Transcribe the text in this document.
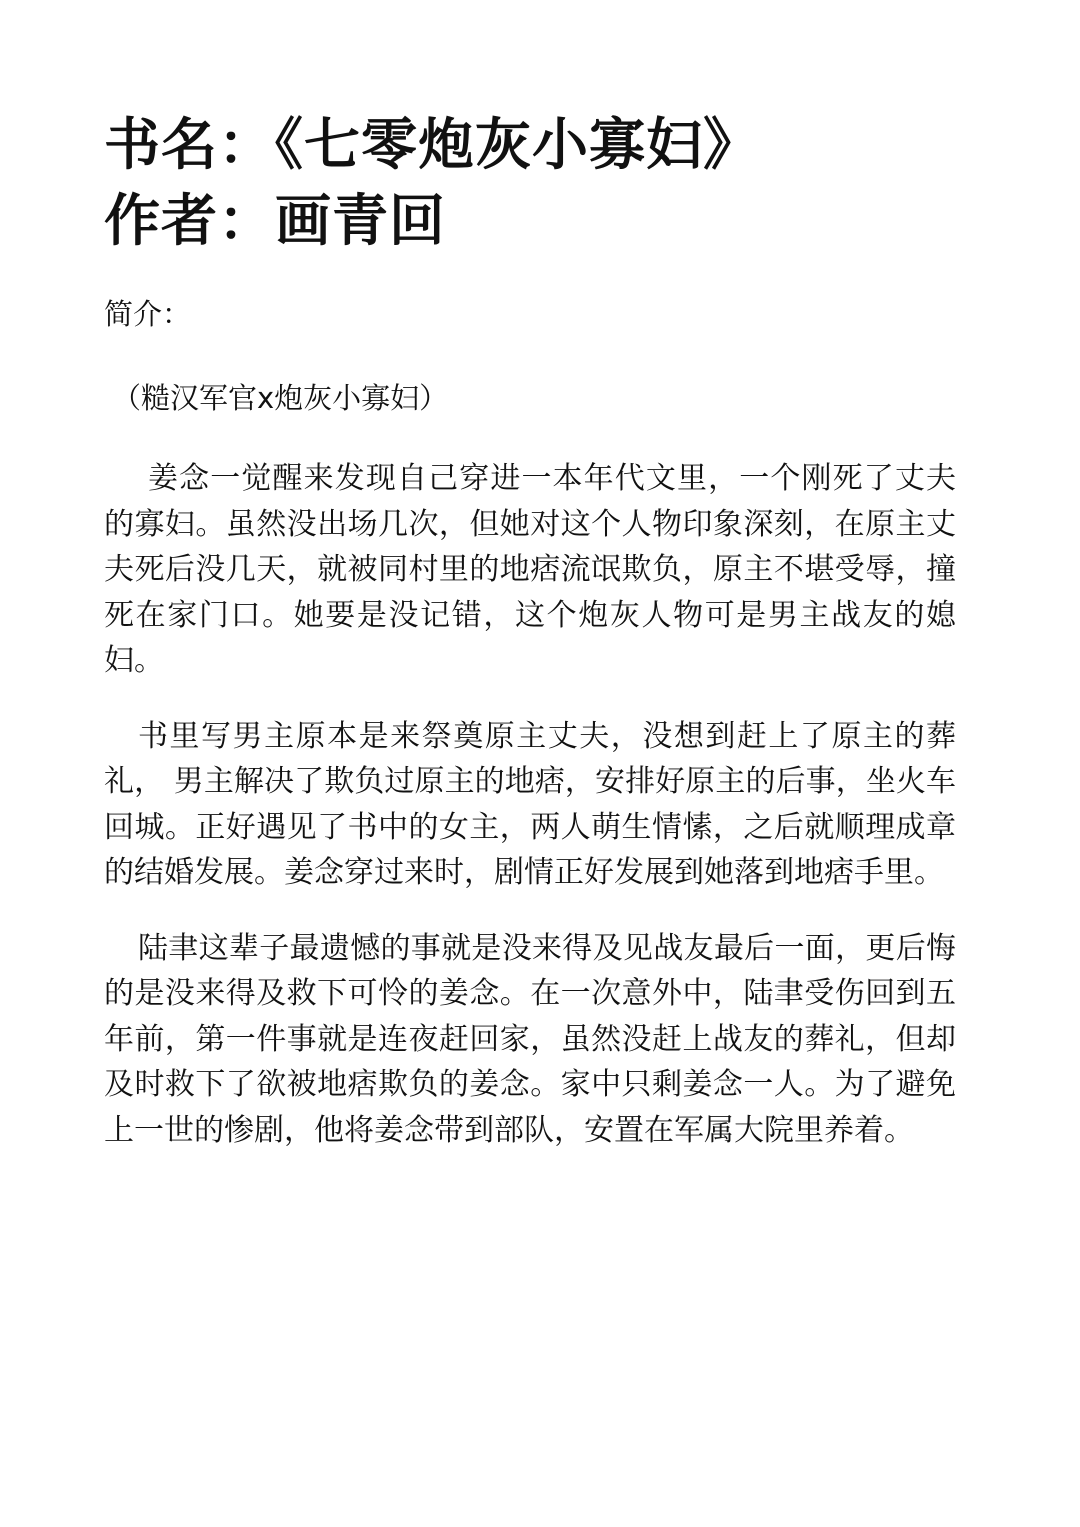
书名：《七零炮灰小寡妇》
作者：画青回
简介：
（糙汉军官x炮灰小寡妇）

姜念一觉醒来发现自己穿进一本年代文里，一个刚死了丈夫的寡妇。虽然没出场几次，但她对这个人物印象深刻，在原主丈夫死后没几天，就被同村里的地痞流氓欺负，原主不堪受辱，撞死在家门口。她要是没记错，这个炮灰人物可是男主战友的媳妇。

书里写男主原本是来祭奠原主丈夫，没想到赶上了原主的葬礼， 男主解决了欺负过原主的地痞，安排好原主的后事，坐火车回城。正好遇见了书中的女主，两人萌生情愫，之后就顺理成章的结婚发展。姜念穿过来时，剧情正好发展到她落到地痞手里。

陆聿这辈子最遗憾的事就是没来得及见战友最后一面，更后悔的是没来得及救下可怜的姜念。在一次意外中，陆聿受伤回到五年前，第一件事就是连夜赶回家，虽然没赶上战友的葬礼，但却及时救下了欲被地痞欺负的姜念。家中只剩姜念一人。为了避免上一世的惨剧，他将姜念带到部队，安置在军属大院里养着。
